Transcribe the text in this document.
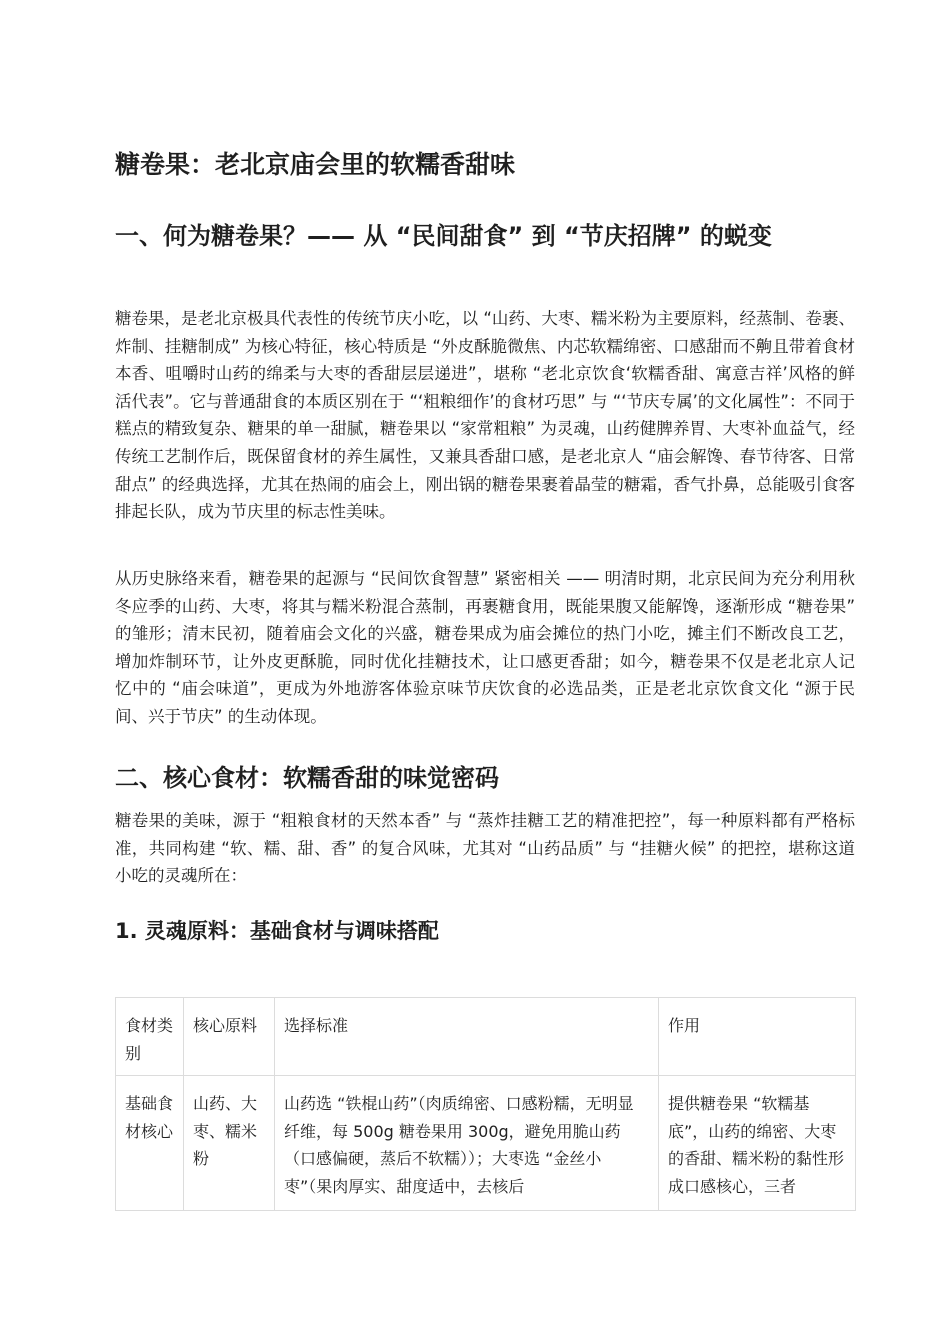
糖卷果：老北京庙会里的软糯香甜味
一、何为糖卷果？—— 从 “民间甜食” 到 “节庆招牌” 的蜕变

糖卷果，是老北京极具代表性的传统节庆小吃，以 “山药、大枣、糯米粉为主要原料，经蒸制、卷裹、炸制、挂糖制成” 为核心特征，核心特质是 “外皮酥脆微焦、内芯软糯绵密、口感甜而不齁且带着食材本香、咀嚼时山药的绵柔与大枣的香甜层层递进”，堪称 “老北京饮食‘软糯香甜、寓意吉祥’风格的鲜活代表”。它与普通甜食的本质区别在于 “‘粗粮细作’的食材巧思” 与 “‘节庆专属’的文化属性”：不同于糕点的精致复杂、糖果的单一甜腻，糖卷果以 “家常粗粮” 为灵魂，山药健脾养胃、大枣补血益气，经传统工艺制作后，既保留食材的养生属性，又兼具香甜口感，是老北京人 “庙会解馋、春节待客、日常甜点” 的经典选择，尤其在热闹的庙会上，刚出锅的糖卷果裹着晶莹的糖霜，香气扑鼻，总能吸引食客排起长队，成为节庆里的标志性美味。

从历史脉络来看，糖卷果的起源与 “民间饮食智慧” 紧密相关 —— 明清时期，北京民间为充分利用秋冬应季的山药、大枣，将其与糯米粉混合蒸制，再裹糖食用，既能果腹又能解馋，逐渐形成 “糖卷果” 的雏形；清末民初，随着庙会文化的兴盛，糖卷果成为庙会摊位的热门小吃，摊主们不断改良工艺，增加炸制环节，让外皮更酥脆，同时优化挂糖技术，让口感更香甜；如今，糖卷果不仅是老北京人记忆中的 “庙会味道”，更成为外地游客体验京味节庆饮食的必选品类，正是老北京饮食文化 “源于民间、兴于节庆” 的生动体现。

二、核心食材：软糯香甜的味觉密码

糖卷果的美味，源于 “粗粮食材的天然本香” 与 “蒸炸挂糖工艺的精准把控”，每一种原料都有严格标准，共同构建 “软、糯、甜、香” 的复合风味，尤其对 “山药品质” 与 “挂糖火候” 的把控，堪称这道小吃的灵魂所在：

1. 灵魂原料：基础食材与调味搭配
食材类别	核心原料	选择标准	作用

基础食材核心	山药、大枣、糯米粉	山药选 “铁棍山药”（肉质绵密、口感粉糯，无明显纤维，每 500g 糖卷果用 300g，避免用脆山药（口感偏硬，蒸后不软糯））；大枣选 “金丝小枣”（果肉厚实、甜度适中，去核后	提供糖卷果 “软糯基底”，山药的绵密、大枣的香甜、糯米粉的黏性形成口感核心，三者
